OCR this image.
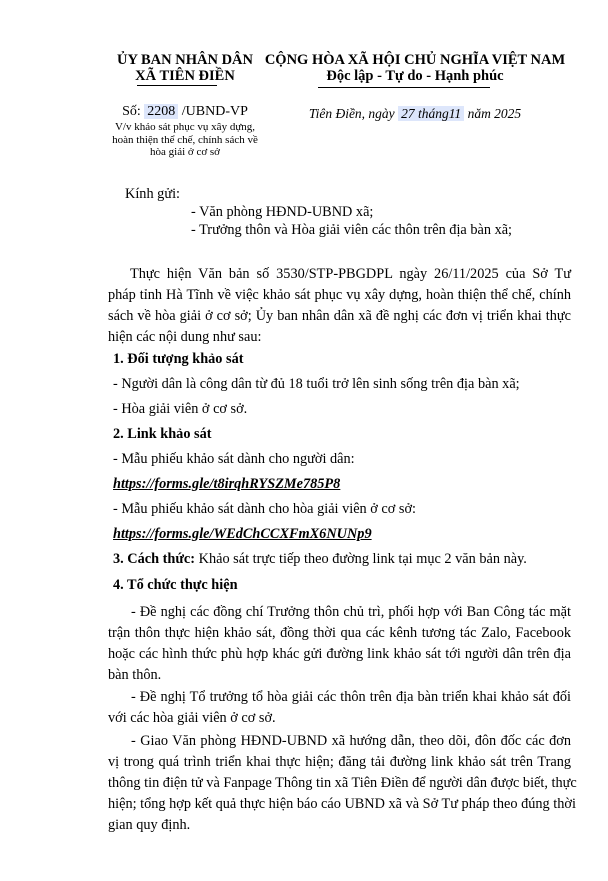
ỦY BAN NHÂN DÂN
XÃ TIÊN ĐIỀN
CỘNG HÒA XÃ HỘI CHỦ NGHĨA VIỆT NAM
Độc lập - Tự do - Hạnh phúc
Số: 2208 /UBND-VP
V/v khảo sát phục vụ xây dựng,
hoàn thiện thể chế, chính sách về
hòa giải ở cơ sở
Tiên Điền, ngày 27 tháng11 năm 2025
Kính gửi:
- Văn phòng HĐND-UBND xã;
- Trưởng thôn và Hòa giải viên các thôn trên địa bàn xã;
Thực hiện Văn bản số 3530/STP-PBGDPL ngày 26/11/2025 của Sở Tư
pháp tỉnh Hà Tĩnh về việc khảo sát phục vụ xây dựng, hoàn thiện thể chế, chính
sách về hòa giải ở cơ sở; Ủy ban nhân dân xã đề nghị các đơn vị triển khai thực
hiện các nội dung như sau:
1. Đối tượng khảo sát
- Người dân là công dân từ đủ 18 tuổi trở lên sinh sống trên địa bàn xã;
- Hòa giải viên ở cơ sở.
2. Link khảo sát
- Mẫu phiếu khảo sát dành cho người dân:
https://forms.gle/t8irqhRYSZMe785P8
- Mẫu phiếu khảo sát dành cho hòa giải viên ở cơ sở:
https://forms.gle/WEdChCCXFmX6NUNp9
3. Cách thức: Khảo sát trực tiếp theo đường link tại mục 2 văn bản này.
4. Tổ chức thực hiện
- Đề nghị các đồng chí Trưởng thôn chủ trì, phối hợp với Ban Công tác mặt
trận thôn thực hiện khảo sát, đồng thời qua các kênh tương tác Zalo, Facebook
hoặc các hình thức phù hợp khác gửi đường link khảo sát tới người dân trên địa
bàn thôn.
- Đề nghị Tổ trưởng tổ hòa giải các thôn trên địa bàn triển khai khảo sát đối
với các hòa giải viên ở cơ sở.
- Giao Văn phòng HĐND-UBND xã hướng dẫn, theo dõi, đôn đốc các đơn
vị trong quá trình triển khai thực hiện; đăng tải đường link khảo sát trên Trang
thông tin điện tử và Fanpage Thông tin xã Tiên Điền để người dân được biết, thực
hiện; tổng hợp kết quả thực hiện báo cáo UBND xã và Sở Tư pháp theo đúng thời
gian quy định.
